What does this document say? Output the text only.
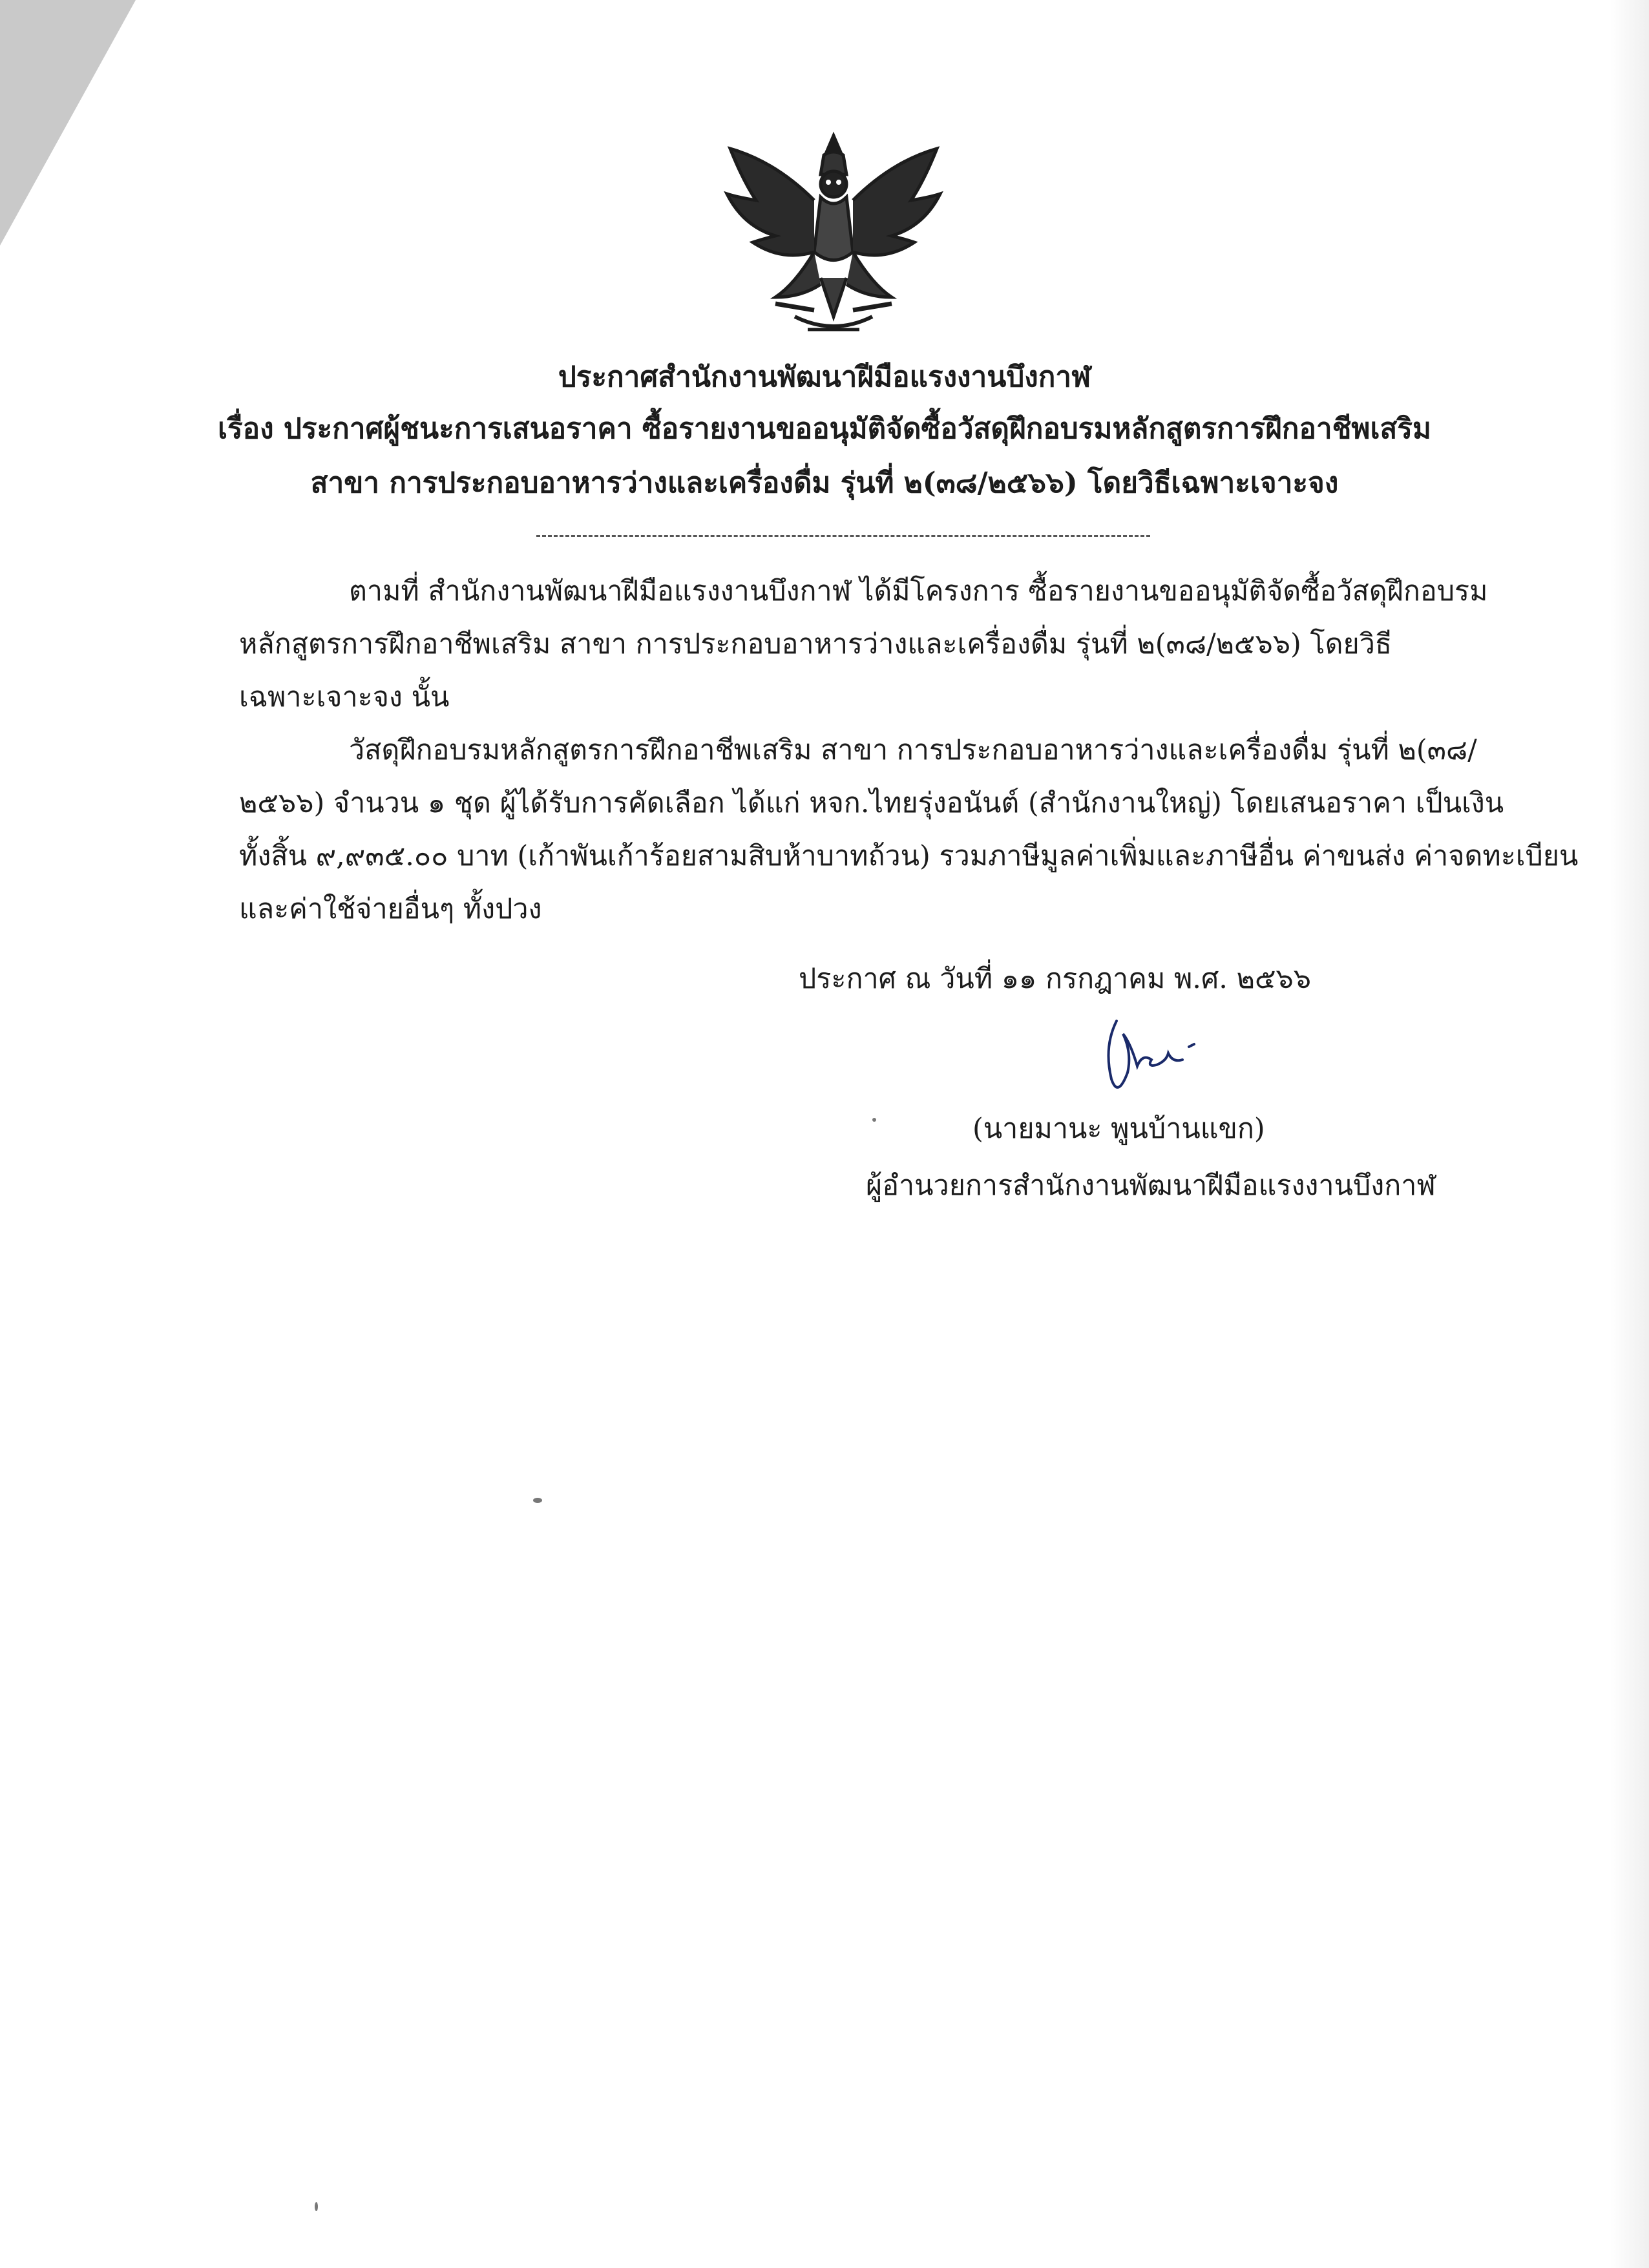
ประกาศสำนักงานพัฒนาฝีมือแรงงานบึงกาฬ
เรื่อง ประกาศผู้ชนะการเสนอราคา ซื้อรายงานขออนุมัติจัดซื้อวัสดุฝึกอบรมหลักสูตรการฝึกอาชีพเสริม
สาขา การประกอบอาหารว่างและเครื่องดื่ม รุ่นที่ ๒(๓๘/๒๕๖๖) โดยวิธีเฉพาะเจาะจง
ตามที่ สำนักงานพัฒนาฝีมือแรงงานบึงกาฬ ได้มีโครงการ ซื้อรายงานขออนุมัติจัดซื้อวัสดุฝึกอบรม
หลักสูตรการฝึกอาชีพเสริม สาขา การประกอบอาหารว่างและเครื่องดื่ม รุ่นที่ ๒(๓๘/๒๕๖๖) โดยวิธี
เฉพาะเจาะจง นั้น
วัสดุฝึกอบรมหลักสูตรการฝึกอาชีพเสริม สาขา การประกอบอาหารว่างและเครื่องดื่ม รุ่นที่ ๒(๓๘/
๒๕๖๖) จำนวน ๑ ชุด ผู้ได้รับการคัดเลือก ได้แก่ หจก.ไทยรุ่งอนันต์ (สำนักงานใหญ่) โดยเสนอราคา เป็นเงิน
ทั้งสิ้น ๙,๙๓๕.๐๐ บาท (เก้าพันเก้าร้อยสามสิบห้าบาทถ้วน) รวมภาษีมูลค่าเพิ่มและภาษีอื่น ค่าขนส่ง ค่าจดทะเบียน
และค่าใช้จ่ายอื่นๆ ทั้งปวง
ประกาศ ณ วันที่ ๑๑ กรกฎาคม พ.ศ. ๒๕๖๖
(นายมานะ พูนบ้านแขก)
ผู้อำนวยการสำนักงานพัฒนาฝีมือแรงงานบึงกาฬ
